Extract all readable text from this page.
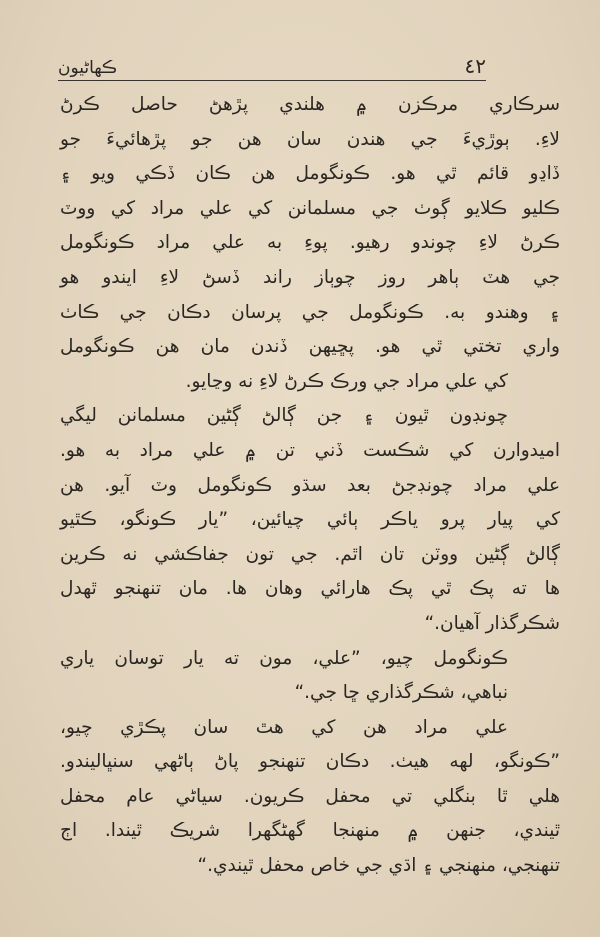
٤٢
ڪهاڻيون

سرڪاري مرڪزن ۾ هلندي پڙهڻ حاصل ڪرڻ
لاءِ. ٻوڙيءَ جي هندن سان هن جو پڙهائيءَ جو
ڏاڍو قائم ٿي هو. ڪونگومل هن ڪان ڏڪي ويو ۽
ڪليو ڪلايو ڳوٺ جي مسلمانن کي علي مراد کي ووٽ
ڪرڻ لاءِ چوندو رهيو. پوءِ به علي مراد ڪونگومل
جي هٽ ٻاهر روز چوٻاز راند ڏسڻ لاءِ ايندو هو
۽ وهندو به. ڪونگومل جي پرسان دڪان جي ڪاٺ
واري تختي ٿي هو. پڇيهن ڏندن مان هن ڪونگومل
کي علي مراد جي ورڪ ڪرڻ لاءِ نه وڃايو.

چونڊون ٿيون ۽ جن ڳالڻ ڳڻين مسلمانن ليگي
اميدوارن کي شڪست ڏني تن ۾ علي مراد به هو.
علي مراد چونڊجڻ بعد سڌو ڪونگومل وٽ آيو. هن
کي پيار پرو ياڪر ٻائي چيائين، ”يار ڪونگو، ڪٿيو
ڳالڻ ڳڻين ووٽن تان اٿم. جي تون جفاڪشي نه ڪرين
ها ته پڪ ٿي پڪ هارائي وهان ها. مان تنهنجو ٿهدل
شڪرگذار آهيان.“

ڪونگومل چيو، ”علي، مون ته يار توسان ياري
نباهي، شڪرگذاري ڇا جي.“

علي مراد هن کي هٿ سان پڪڙي چيو،
”ڪونگو، لهه هيٺ. دڪان تنهنجو پاڻ ٻاڻهي سنڀاليندو.
هلي ٿا بنگلي تي محفل ڪريون. سياڻي عام محفل
ٿيندي، جنهن ۾ منهنجا گهڻگهرا شريڪ ٿيندا. اڄ
تنهنجي، منهنجي ۽ اڌي جي خاص محفل ٿيندي.“
